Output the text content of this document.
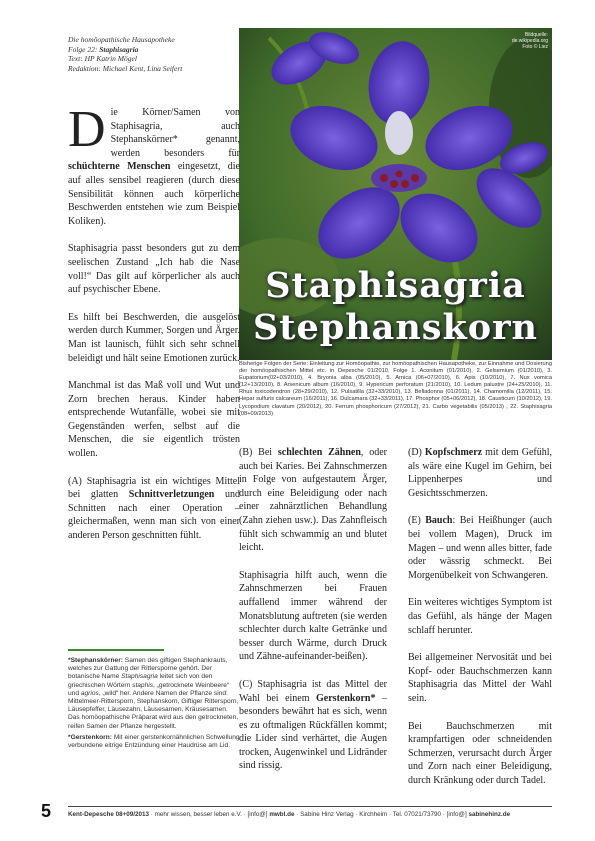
Die homöopathische Hausapotheke
Folge 22: Staphisagria
Text: HP Katrin Mögel
Redaktion: Michael Kent, Lina Seifert
Bildquelle:
de.wikipedia.org
Foto © Liez
Staphisagria
Stephanskorn
Bisherige Folgen der Serie: Einleitung zur Homöopathie, zur homöopathischen Hausapotheke, zur Einnahme und Dosierung der homöopathischen Mittel etc. in Depesche 01/2010. Folge 1. Aconitum (01/2010), 2. Gelsemium (01/2010), 3. Eupatorium(02+03/2010), 4. Bryonia alba (05/2010), 5. Arnica (06+07/2010), 6. Apis (10/2010), 7. Nux vomica (12+13/2010), 8. Arsenicum album (16/2010), 9. Hypericum perforatum (21/2010), 10. Ledum palustre (24+25/2010), 11. Rhus toxicodendron (28+29/2010), 12. Pulsatilla (32+33/2010), 13. Belladonna (01/2011), 14. Chamomilla (12/2011), 15. Hepar sulfuris calcareum (16/2011), 16. Dulcamara (32+33/2011), 17. Phosphor (05+06/2012), 18. Causticum (10/2012), 19. Lycopodium clavatum (20/2012), 20. Ferrum phosphoricum (27/2012), 21. Carbo vegetabilis (05/2013) , 22. Staphisagria (08+09/2013)

Die Körner/Samen von Staphisagria, auch Stephanskörner* genannt, werden besonders für schüchterne Menschen eingesetzt, die auf alles sensibel reagieren (durch diese Sensibilität können auch körperliche Beschwerden entstehen wie zum Beispiel Koliken).

Staphisagria passt besonders gut zu dem seelischen Zustand „Ich hab die Nase voll!“ Das gilt auf körperlicher als auch auf psychischer Ebene.

Es hilft bei Beschwerden, die ausgelöst werden durch Kummer, Sorgen und Ärger. Man ist launisch, fühlt sich sehr schnell beleidigt und hält seine Emotionen zurück.

Manchmal ist das Maß voll und Wut und Zorn brechen heraus. Kinder haben entsprechende Wutanfälle, wobei sie mit Gegenständen werfen, selbst auf die Menschen, die sie eigentlich trösten wollen.

(A) Staphisagria ist ein wichtiges Mittel bei glatten Schnittverletzungen und Schnitten nach einer Operation – gleichermaßen, wenn man sich von einer anderen Person geschnitten fühlt.

*Stephanskörner: Samen des giftigen Stephankrauts, welches zur Gattung der Rittersporne gehört. Der botanische Name Staphisagria leitet sich von den griechischen Wörtern staphis, „getrocknete Weinbeere“ und agrios, „wild“ her. Andere Namen der Pflanze sind: Mittelmeer-Rittersporn, Stephanskorn, Giftiger Rittersporn, Läusepfeffer, Läusezahn, Läusesamen, Kräusesamen. Das homöopathische Präparat wird aus den getrockneten, reifen Samen der Pflanze hergestellt.

*Gerstenkorn: Mit einer gerstenkornähnlichen Schwellung verbundene eitrige Entzündung einer Haudrüse am Lid.

(B) Bei schlechten Zähnen, oder auch bei Karies. Bei Zahnschmerzen in Folge von aufgestautem Ärger, durch eine Beleidigung oder nach einer zahnärztlichen Behandlung (Zahn ziehen usw.). Das Zahnfleisch fühlt sich schwammig an und blutet leicht.

Staphisagria hilft auch, wenn die Zahnschmerzen bei Frauen auffallend immer während der Monatsblutung auftreten (sie werden schlechter durch kalte Getränke und besser durch Wärme, durch Druck und Zähne-aufeinander-beißen).

(C) Staphisagria ist das Mittel der Wahl bei einem Gerstenkorn* – besonders bewährt hat es sich, wenn es zu oftmaligen Rückfällen kommt; die Lider sind verhärtet, die Augen trocken, Augenwinkel und Lidränder sind rissig.

(D) Kopfschmerz mit dem Gefühl, als wäre eine Kugel im Gehirn, bei Lippenherpes und Gesichtsschmerzen.

(E) Bauch: Bei Heißhunger (auch bei vollem Magen), Druck im Magen – und wenn alles bitter, fade oder wässrig schmeckt. Bei Morgenübelkeit von Schwangeren.

Ein weiteres wichtiges Symptom ist das Gefühl, als hänge der Magen schlaff herunter.

Bei allgemeiner Nervosität und bei Kopf- oder Bauchschmerzen kann Staphisagria das Mittel der Wahl sein.

Bei Bauchschmerzen mit krampfartigen oder schneidenden Schmerzen, verursacht durch Ärger und Zorn nach einer Beleidigung, durch Kränkung oder durch Tadel.

5	Kent-Depesche 08+09/2013 · mehr wissen, besser leben e.V. · [info@] mwbl.de · Sabine Hinz Verlag · Kirchheim · Tel. 07021/73790 · [info@] sabinehinz.de
